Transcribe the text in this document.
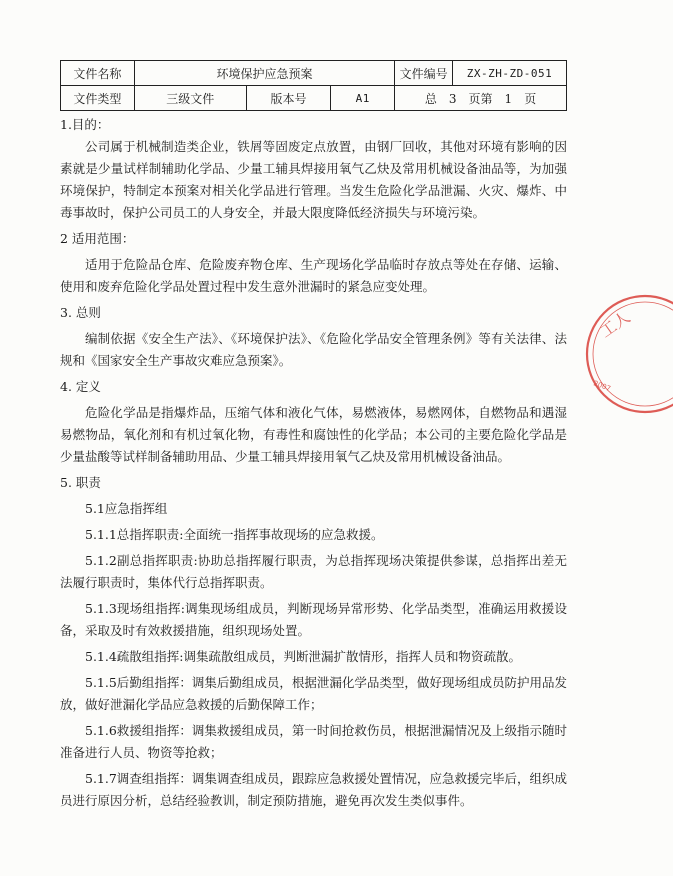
文件名称	环境保护应急预案			文件编号	ZX-ZH-ZD-051
文件类型	三级文件	版本号	A1	总　3　页第　1　页	

1.目的：

公司属于机械制造类企业，铁屑等固废定点放置，由钢厂回收，其他对环境有影响的因素就是少量试样制辅助化学品、少量工辅具焊接用氧气乙炔及常用机械设备油品等，为加强环境保护，特制定本预案对相关化学品进行管理。当发生危险化学品泄漏、火灾、爆炸、中毒事故时，保护公司员工的人身安全，并最大限度降低经济损失与环境污染。

2 适用范围：

适用于危险品仓库、危险废弃物仓库、生产现场化学品临时存放点等处在存储、运输、使用和废弃危险化学品处置过程中发生意外泄漏时的紧急应变处理。

3. 总则

编制依据《安全生产法》、《环境保护法》、《危险化学品安全管理条例》等有关法律、法规和《国家安全生产事故灾难应急预案》。

4. 定义

危险化学品是指爆炸品，压缩气体和液化气体，易燃液体，易燃网体，自燃物品和遇湿易燃物品，氧化剂和有机过氧化物，有毒性和腐蚀性的化学品；本公司的主要危险化学品是少量盐酸等试样制备辅助用品、少量工辅具焊接用氧气乙炔及常用机械设备油品。

5. 职责

5.1应急指挥组

5.1.1总指挥职责:全面统一指挥事故现场的应急救援。

5.1.2副总指挥职责:协助总指挥履行职责，为总指挥现场决策提供参谋，总指挥出差无法履行职责时，集体代行总指挥职责。

5.1.3现场组指挥:调集现场组成员，判断现场异常形势、化学品类型，准确运用救援设备，采取及时有效救援措施，组织现场处置。

5.1.4疏散组指挥:调集疏散组成员，判断泄漏扩散情形，指挥人员和物资疏散。

5.1.5后勤组指挥：调集后勤组成员，根据泄漏化学品类型，做好现场组成员防护用品发放，做好泄漏化学品应急救援的后勤保障工作；

5.1.6救援组指挥：调集救援组成员，第一时间抢救伤员，根据泄漏情况及上级指示随时准备进行人员、物资等抢救；

5.1.7调查组指挥：调集调查组成员，跟踪应急救援处置情况，应急救援完毕后，组织成员进行原因分析，总结经验教训，制定预防措施，避免再次发生类似事件。

工人
2007
